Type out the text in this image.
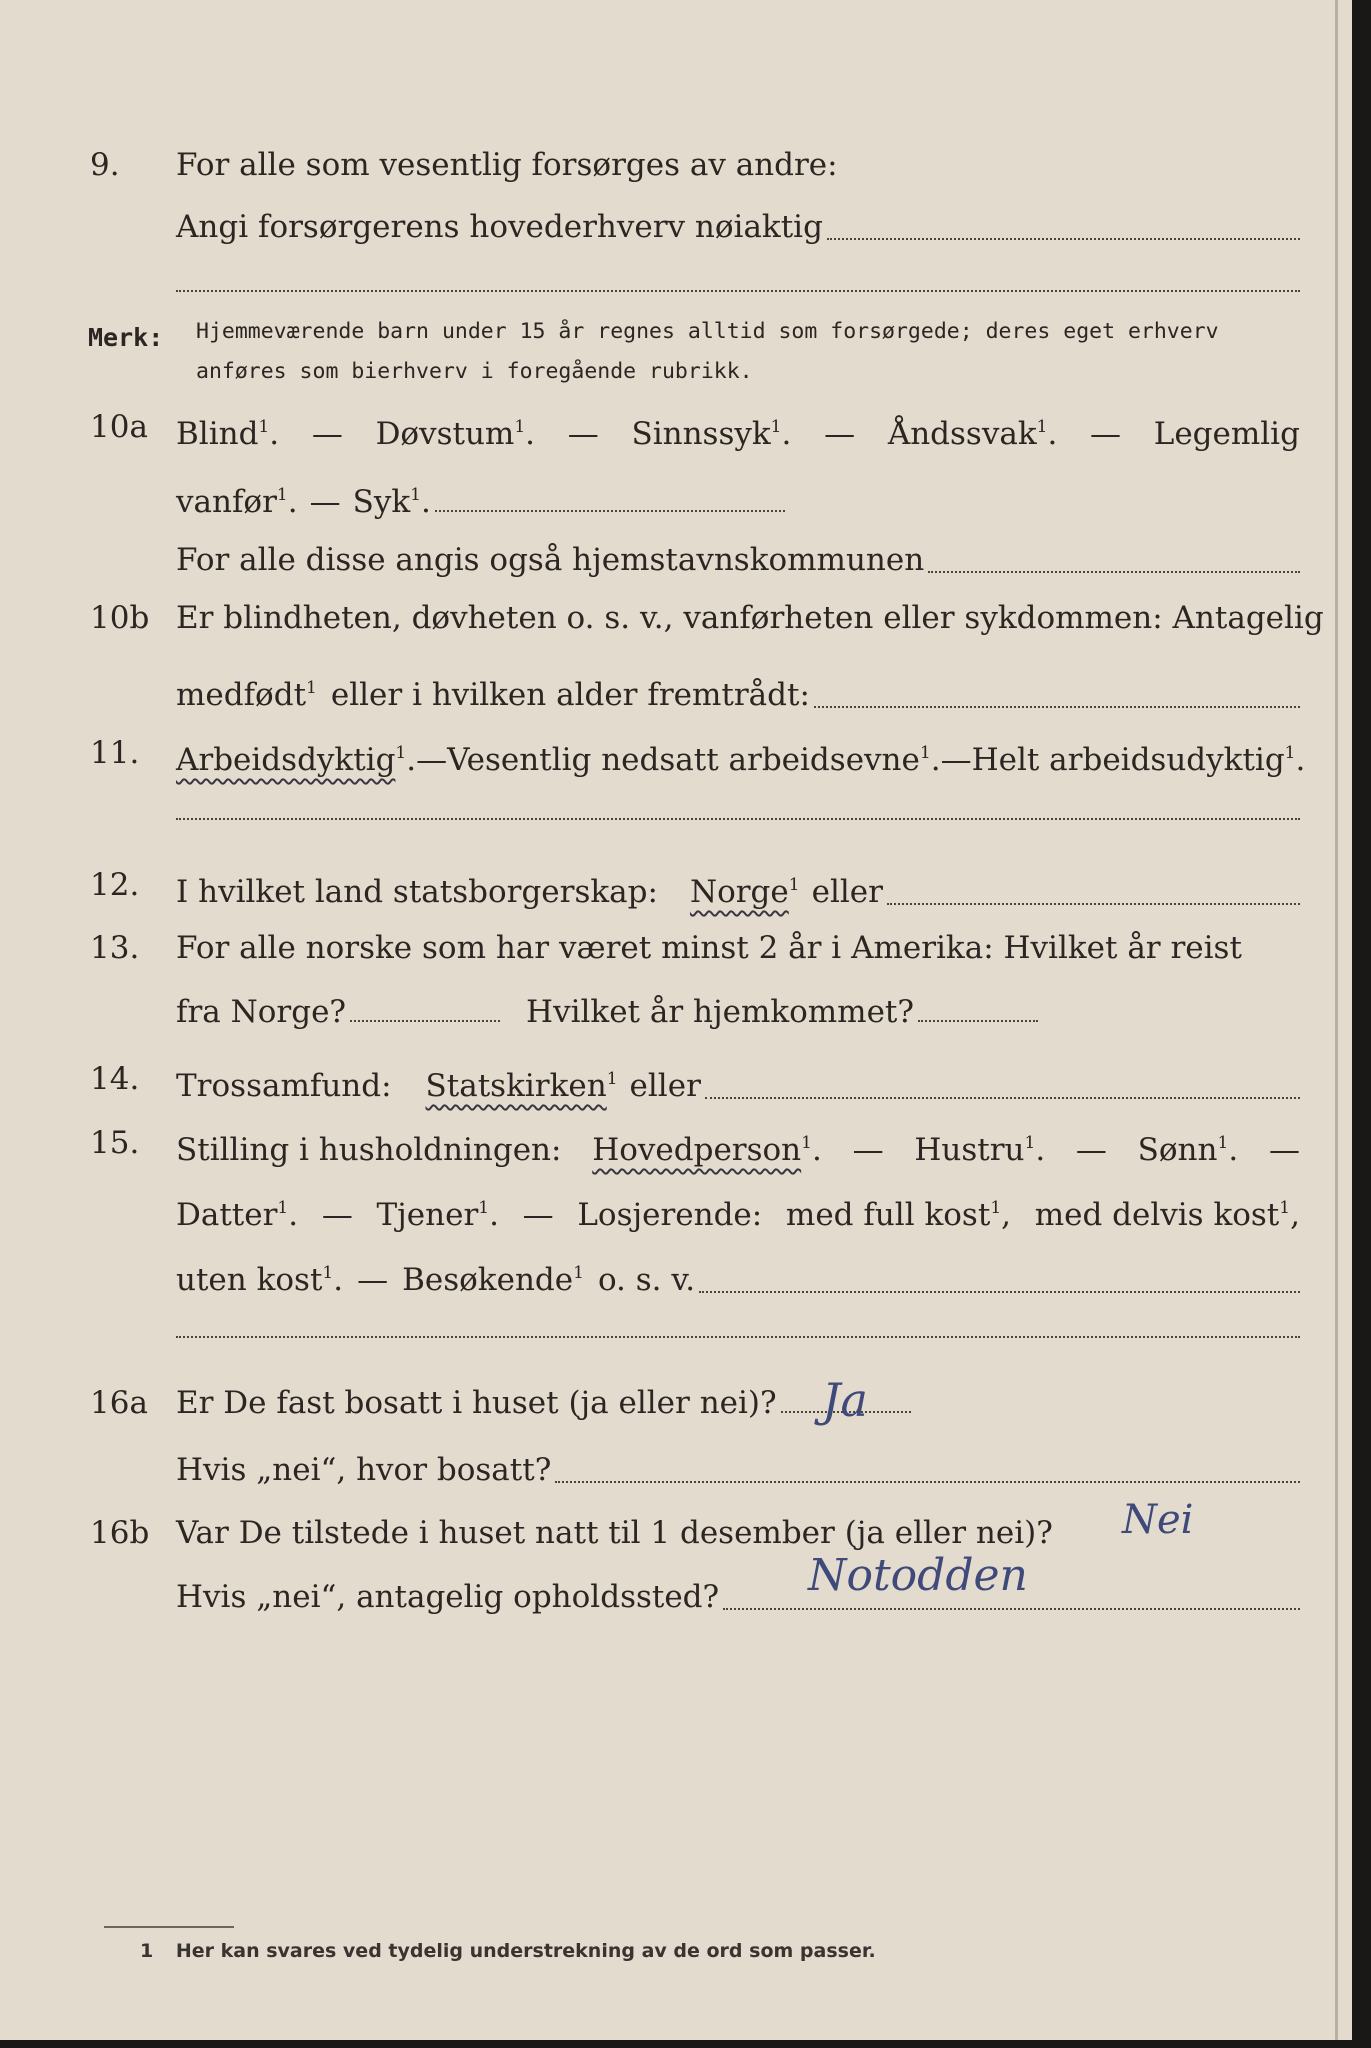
9. For alle som vesentlig forsørges av andre:
Angi forsørgerens hovederhverv nøiaktig
Merk: Hjemmeværende barn under 15 år regnes alltid som forsørgede; deres eget erhverv anføres som bierhverv i foregående rubrikk.
10a Blind$^1$. — Døvstum$^1$. — Sinnssyk$^1$. — Åndssvak$^1$. — Legemlig
vanfør$^1$. — Syk$^1$.
For alle disse angis også hjemstavnskommunen
10b Er blindheten, døvheten o. s. v., vanførheten eller sykdommen: Antagelig
medfødt$^1$ eller i hvilken alder fremtrådt:
11. Arbeidsdyktig$^1$. — Vesentlig nedsatt arbeidsevne$^1$. — Helt arbeidsudyktig$^1$.
12. I hvilket land statsborgerskap: Norge$^1$ eller
13. For alle norske som har været minst 2 år i Amerika: Hvilket år reist
fra Norge?	Hvilket år hjemkommet?
14. Trossamfund: Statskirken$^1$ eller
15. Stilling i husholdningen: Hovedperson$^1$. — Hustru$^1$. — Sønn$^1$. —
Datter$^1$. — Tjener$^1$. — Losjerende: med full kost$^1$, med delvis kost$^1$,
uten kost$^1$. — Besøkende$^1$ o. s. v.
16a Er De fast bosatt i huset (ja eller nei)? Ja
Hvis „nei“, hvor bosatt?
16b Var De tilstede i huset natt til 1 desember (ja eller nei)? Nei
Hvis „nei“, antagelig opholdssted? Notodden
1 Her kan svares ved tydelig understrekning av de ord som passer.
